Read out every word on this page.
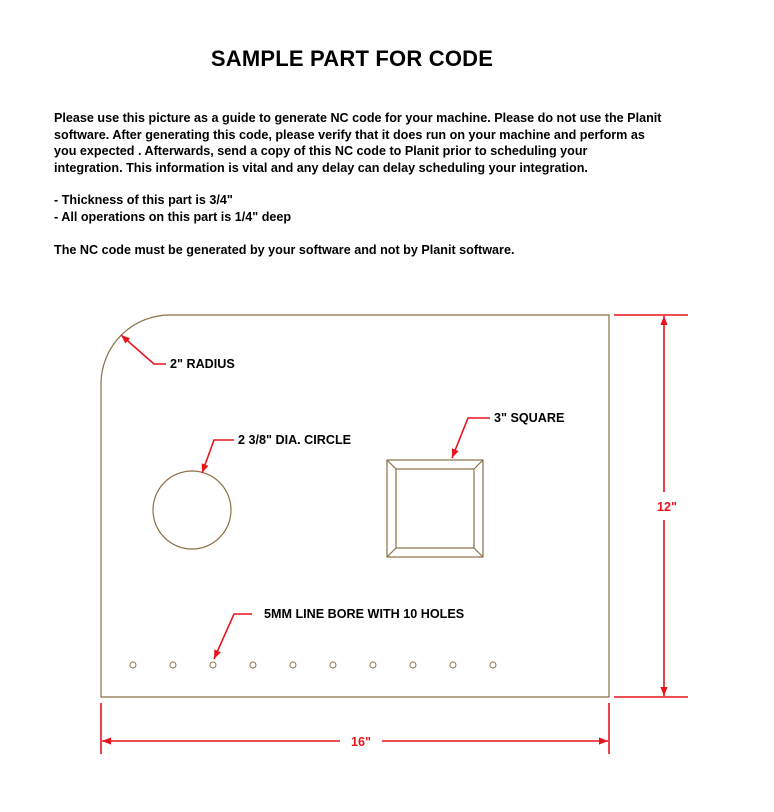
SAMPLE PART FOR CODE
Please use this picture as a guide to generate NC code for your machine. Please do not use the Planit
software. After generating this code, please verify that it does run on your machine and perform as
you expected . Afterwards, send a copy of this NC code to Planit prior to scheduling your
integration. This information is vital and any delay can delay scheduling your integration.
- Thickness of this part is 3/4"
- All operations on this part is 1/4" deep
The NC code must be generated by your software and not by Planit software.
2" RADIUS
2 3/8" DIA. CIRCLE
3" SQUARE
5MM LINE BORE WITH 10 HOLES
16"
12"
